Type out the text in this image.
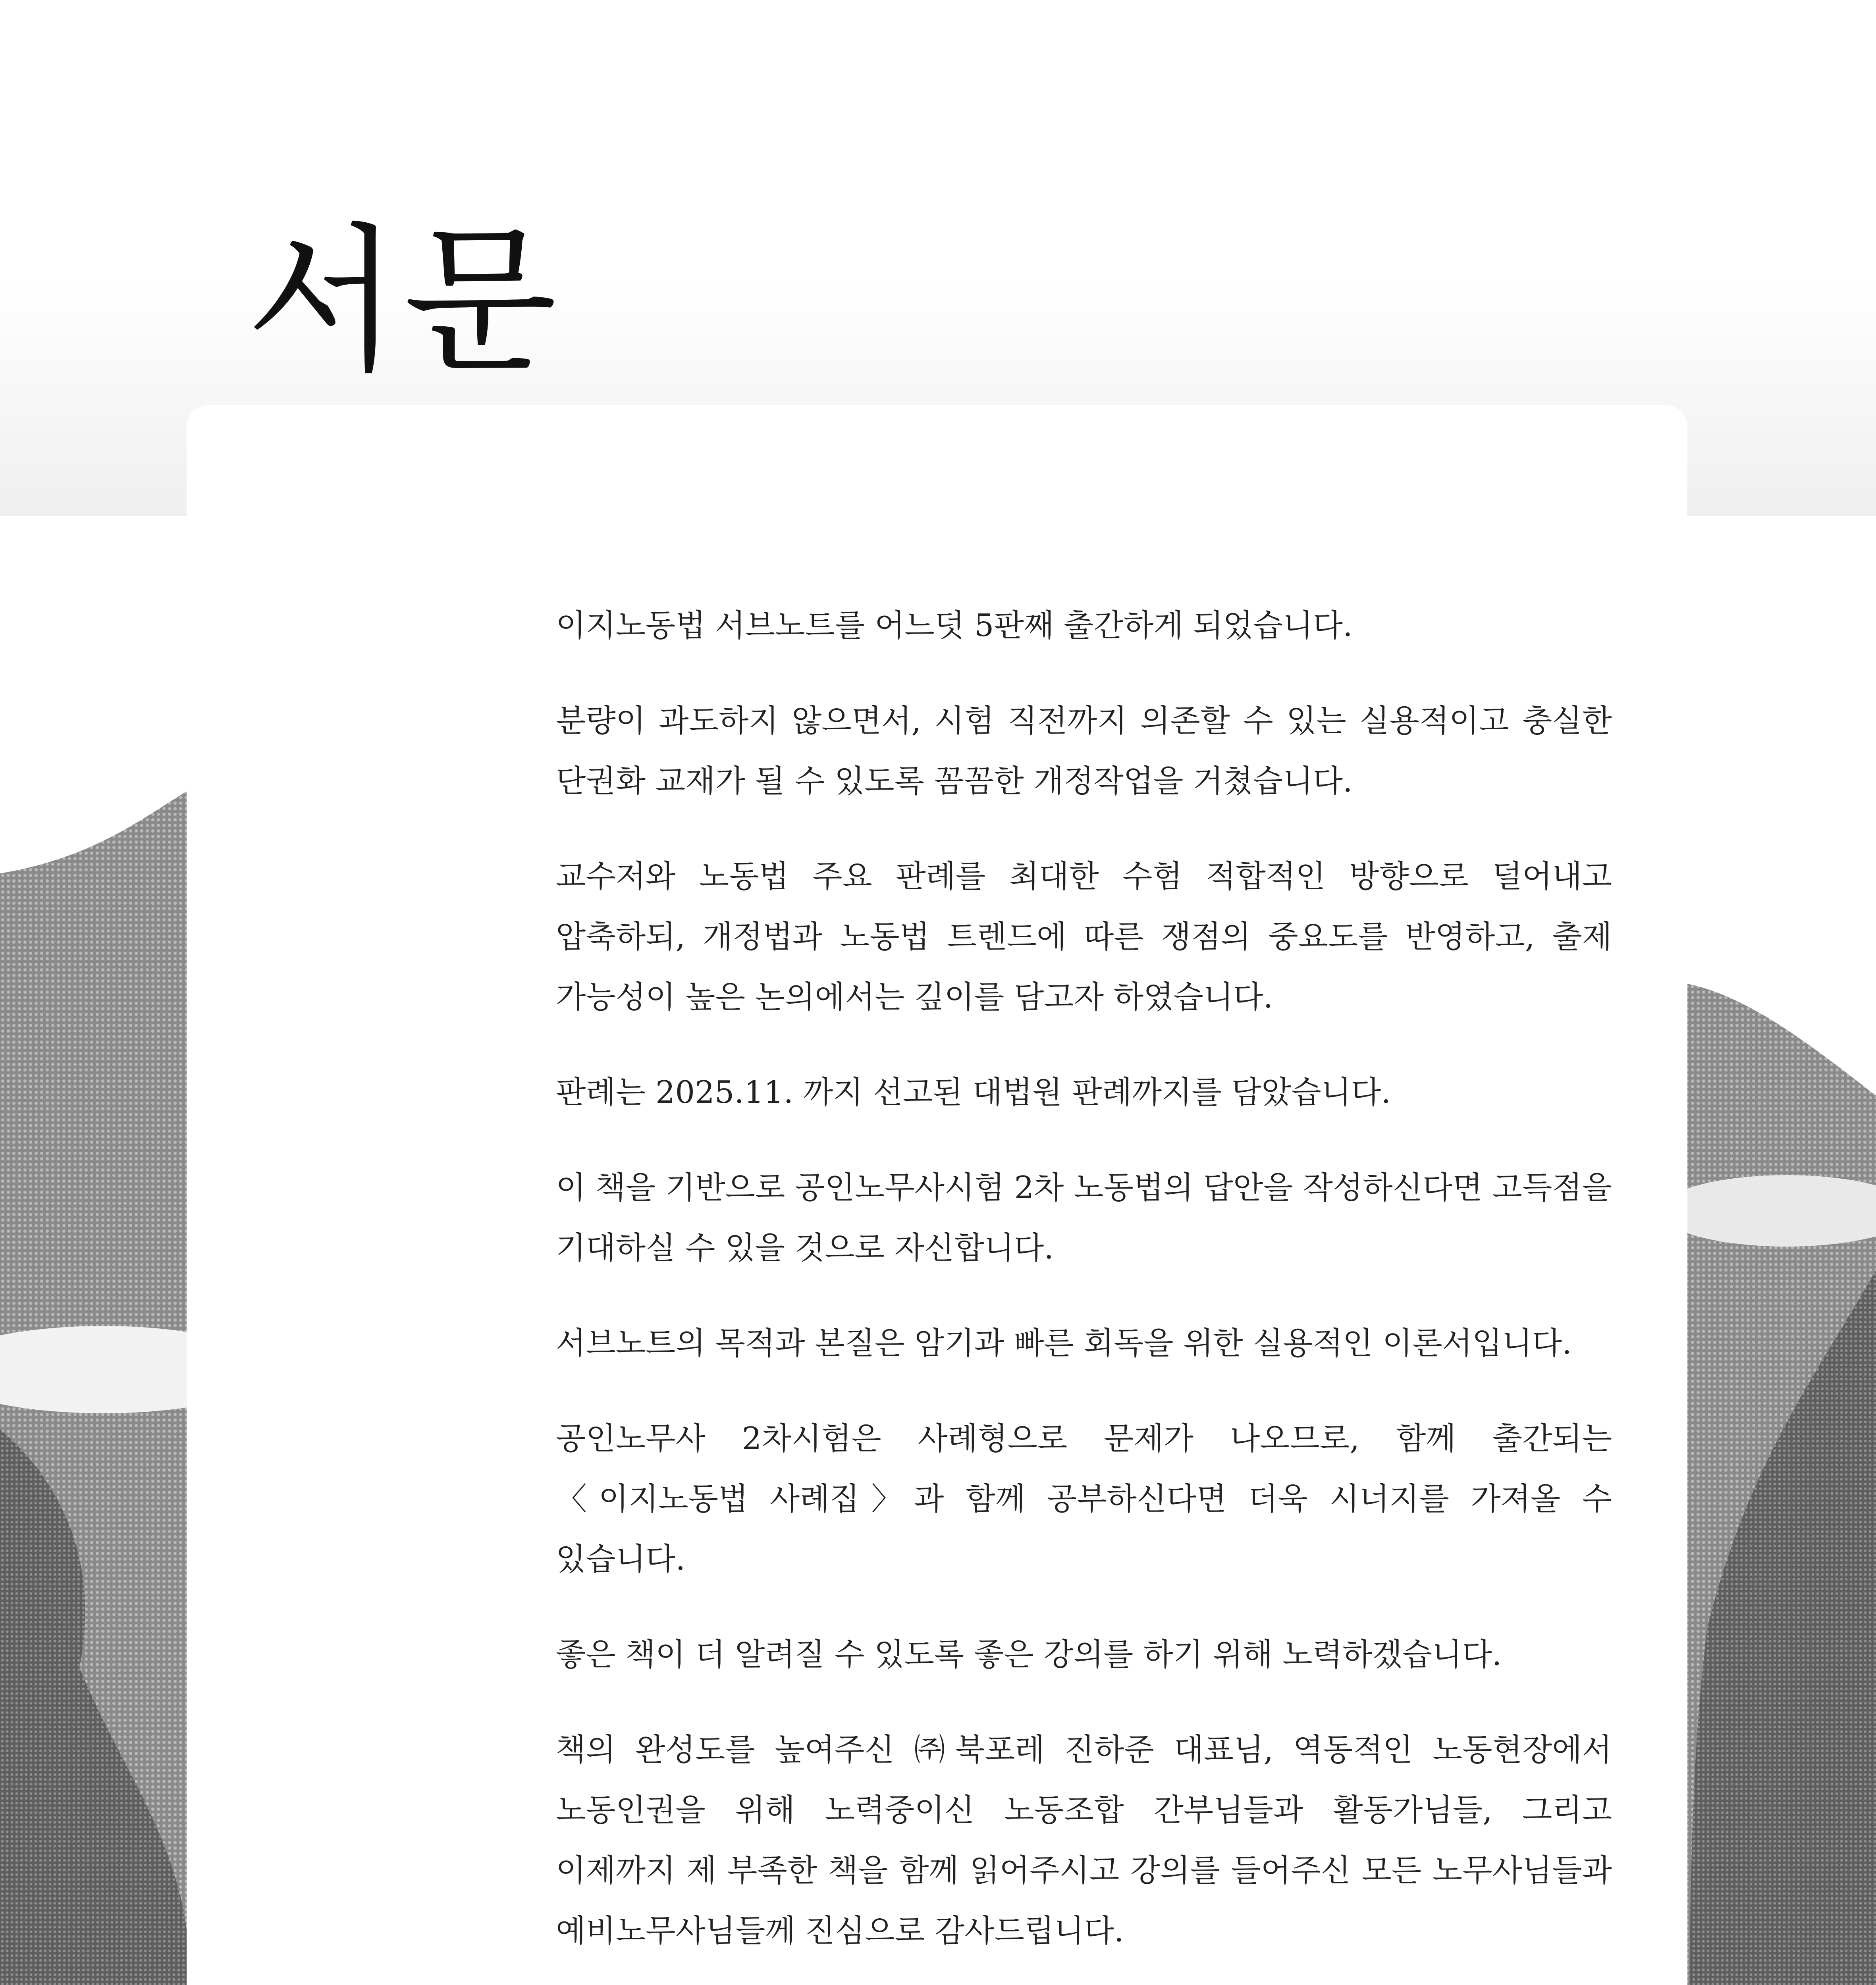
서문

이지노동법 서브노트를 어느덧 5판째 출간하게 되었습니다.

분량이 과도하지 않으면서, 시험 직전까지 의존할 수 있는 실용적이고 충실한 단권화 교재가 될 수 있도록 꼼꼼한 개정작업을 거쳤습니다.

교수저와 노동법 주요 판례를 최대한 수험 적합적인 방향으로 덜어내고 압축하되, 개정법과 노동법 트렌드에 따른 쟁점의 중요도를 반영하고, 출제 가능성이 높은 논의에서는 깊이를 담고자 하였습니다.

판례는 2025.11. 까지 선고된 대법원 판례까지를 담았습니다.

이 책을 기반으로 공인노무사시험 2차 노동법의 답안을 작성하신다면 고득점을 기대하실 수 있을 것으로 자신합니다.

서브노트의 목적과 본질은 암기과 빠른 회독을 위한 실용적인 이론서입니다.

공인노무사 2차시험은 사례형으로 문제가 나오므로, 함께 출간되는 〈이지노동법 사례집〉과 함께 공부하신다면 더욱 시너지를 가져올 수 있습니다.

좋은 책이 더 알려질 수 있도록 좋은 강의를 하기 위해 노력하겠습니다.

책의 완성도를 높여주신 ㈜북포레 진하준 대표님, 역동적인 노동현장에서 노동인권을 위해 노력중이신 노동조합 간부님들과 활동가님들, 그리고 이제까지 제 부족한 책을 함께 읽어주시고 강의를 들어주신 모든 노무사님들과 예비노무사님들께 진심으로 감사드립니다.
